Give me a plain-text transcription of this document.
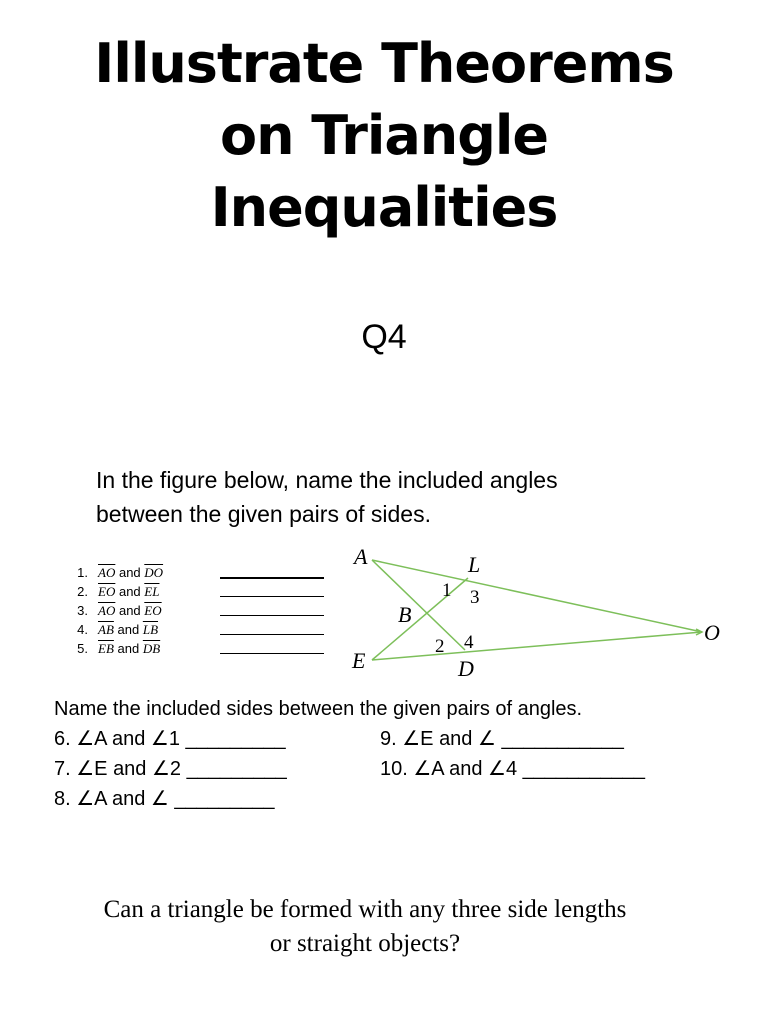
Illustrate Theorems
on Triangle
Inequalities
Q4
In the figure below, name the included angles
between the given pairs of sides.
1. $\overline{AO}$ and $\overline{DO}$
2. $\overline{EO}$ and $\overline{EL}$
3. $\overline{AO}$ and $\overline{EO}$
4. $\overline{AB}$ and $\overline{LB}$
5. $\overline{EB}$ and $\overline{DB}$
A	L
B
E	D
O
1 3
2 4
Name the included sides between the given pairs of angles.
6. ∠A and ∠1 _________	9. ∠E and ∠ ___________
7. ∠E and ∠2 _________	10. ∠A and ∠4 ___________
8. ∠A and ∠ _________
Can a triangle be formed with any three side lengths
or straight objects?
